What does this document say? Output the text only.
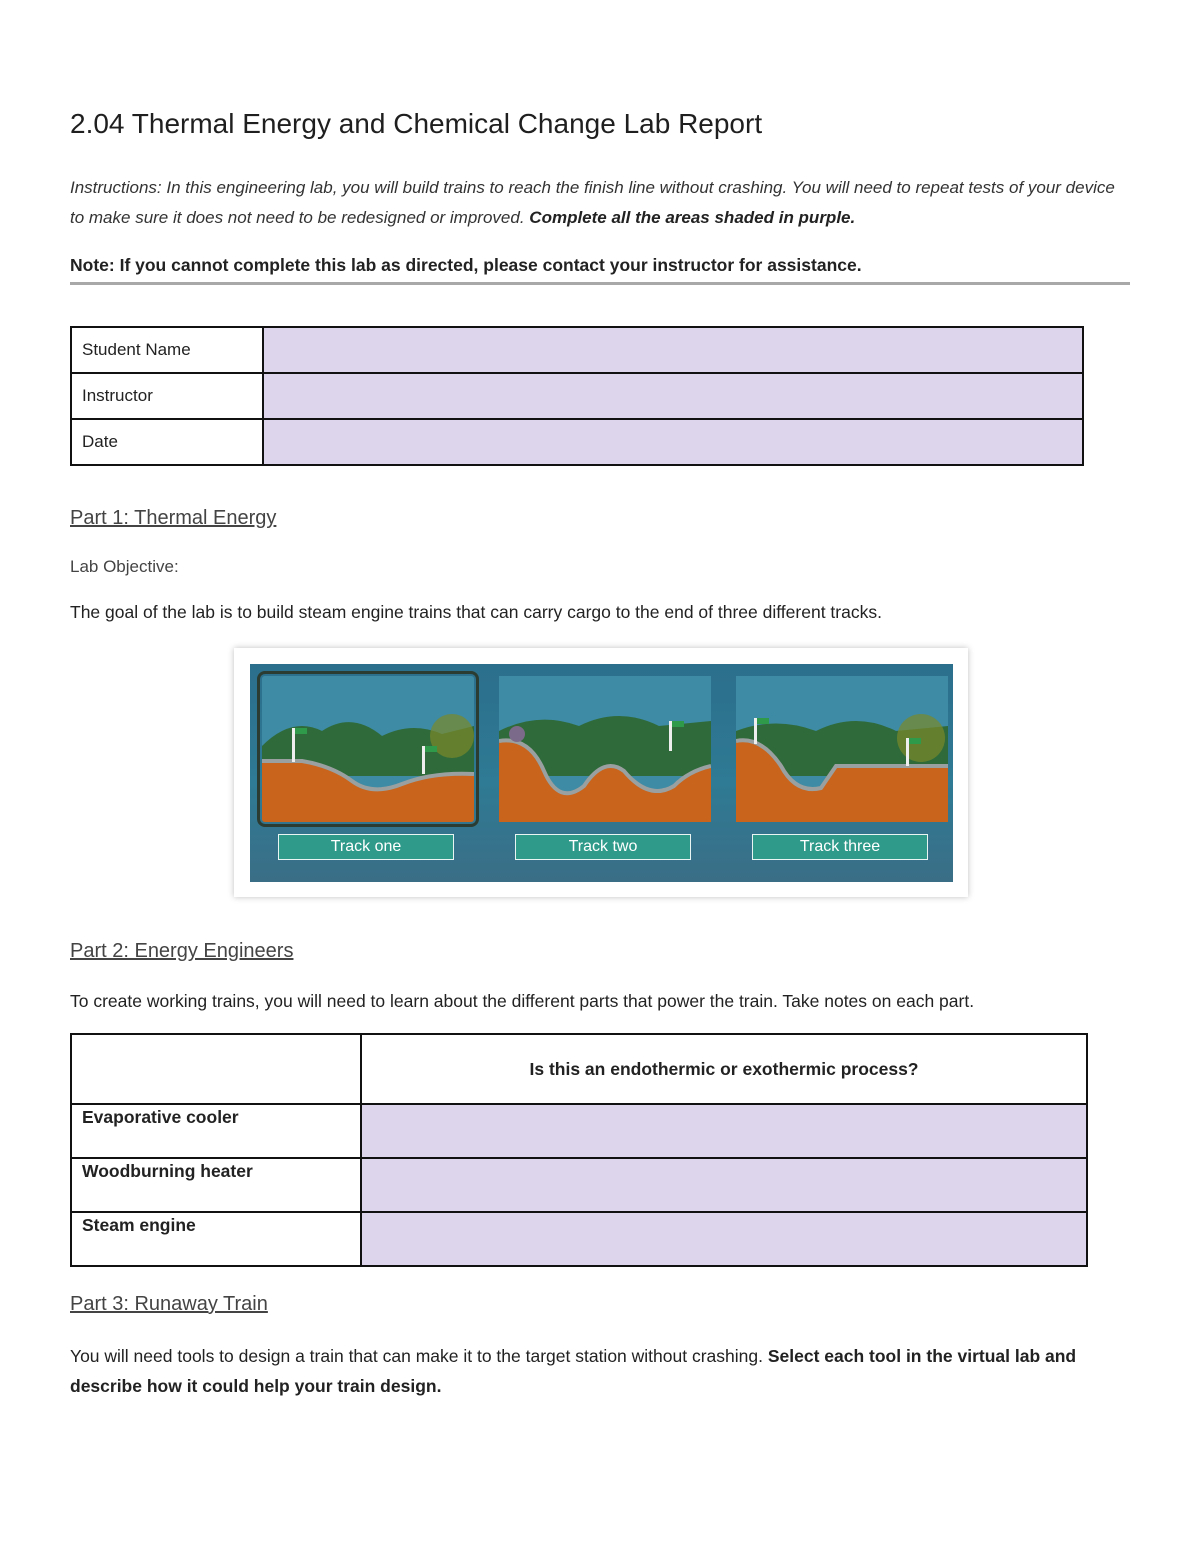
2.04 Thermal Energy and Chemical Change Lab Report
Instructions: In this engineering lab, you will build trains to reach the finish line without crashing. You will need to repeat tests of your device to make sure it does not need to be redesigned or improved. Complete all the areas shaded in purple.
Note: If you cannot complete this lab as directed, please contact your instructor for assistance.
Student Name	
Instructor	
Date	
Part 1: Thermal Energy
Lab Objective:
The goal of the lab is to build steam engine trains that can carry cargo to the end of three different tracks.
Track one	Track two	Track three
Part 2: Energy Engineers
To create working trains, you will need to learn about the different parts that power the train. Take notes on each part.
	Is this an endothermic or exothermic process?
Evaporative cooler	
Woodburning heater	
Steam engine	
Part 3: Runaway Train
You will need tools to design a train that can make it to the target station without crashing. Select each tool in the virtual lab and describe how it could help your train design.
